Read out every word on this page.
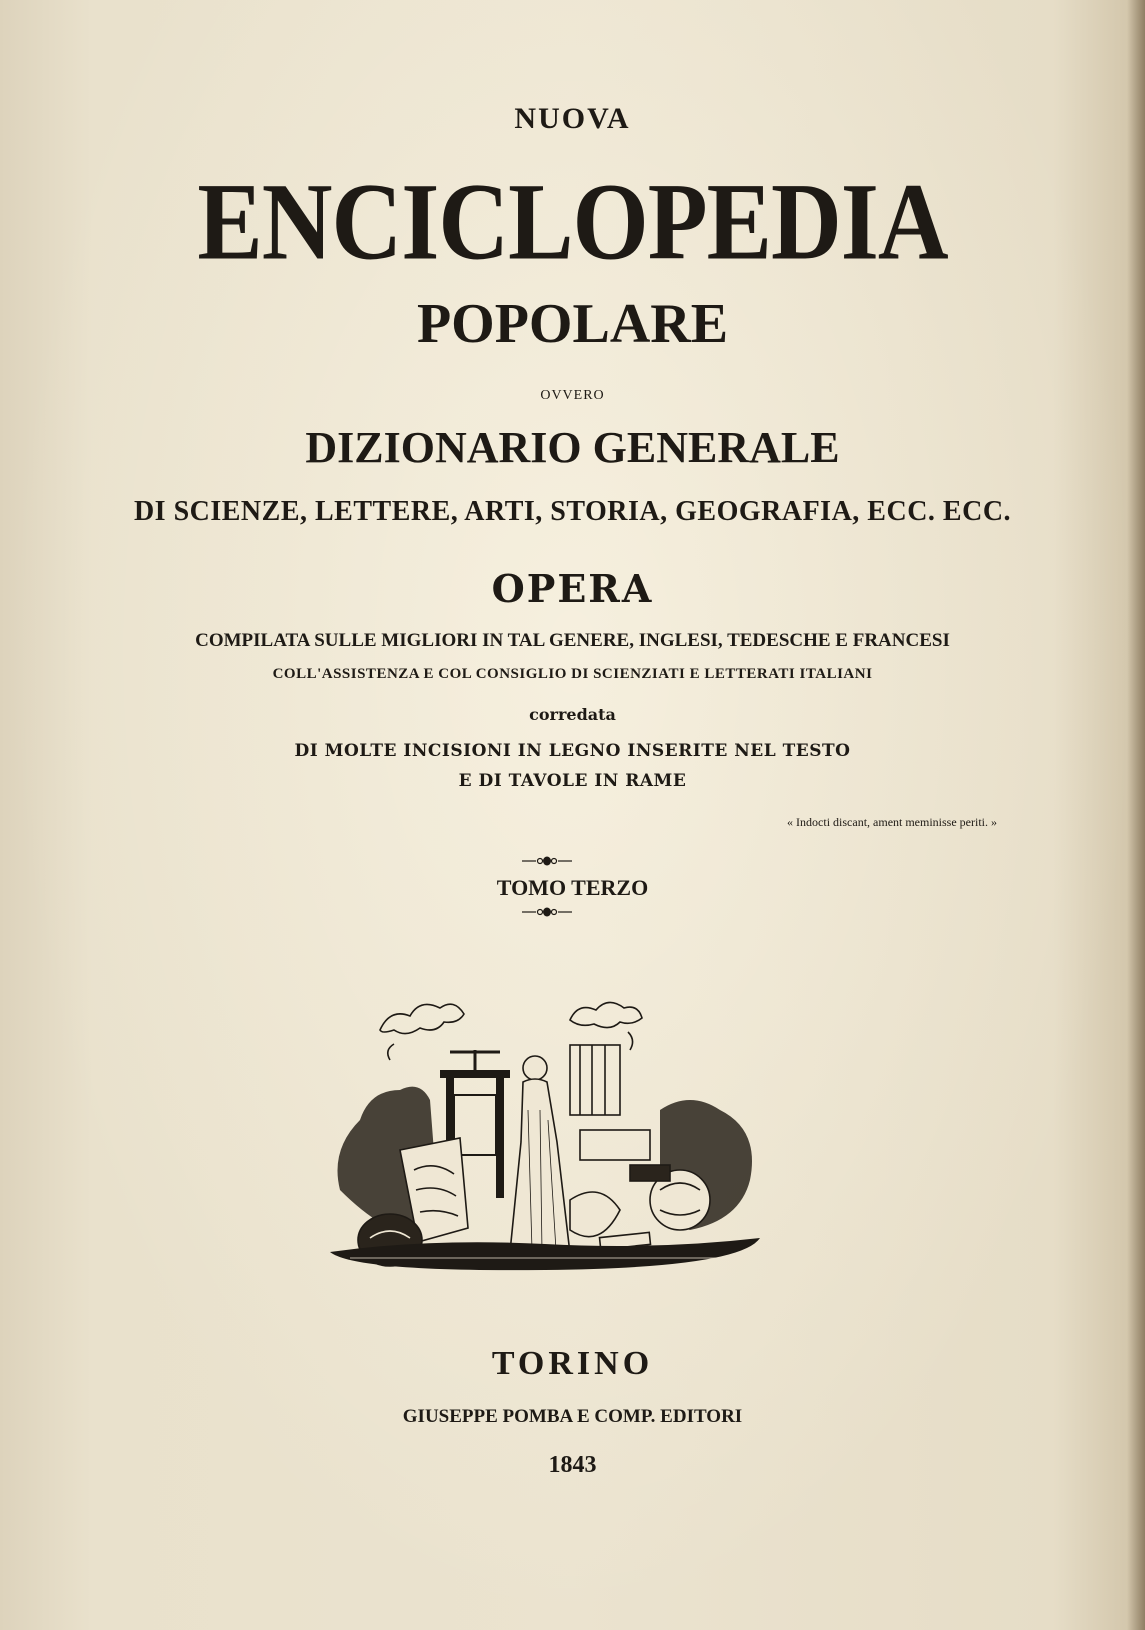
NUOVA
ENCICLOPEDIA
POPOLARE
OVVERO
DIZIONARIO GENERALE
DI SCIENZE, LETTERE, ARTI, STORIA, GEOGRAFIA, ECC. ECC.
OPERA
COMPILATA SULLE MIGLIORI IN TAL GENERE, INGLESI, TEDESCHE E FRANCESI
COLL'ASSISTENZA E COL CONSIGLIO DI SCIENZIATI E LETTERATI ITALIANI
corredata
DI MOLTE INCISIONI IN LEGNO INSERITE NEL TESTO
E DI TAVOLE IN RAME
« Indocti discant, ament meminisse periti. »
TOMO TERZO
TORINO
GIUSEPPE POMBA E COMP. EDITORI
1843
